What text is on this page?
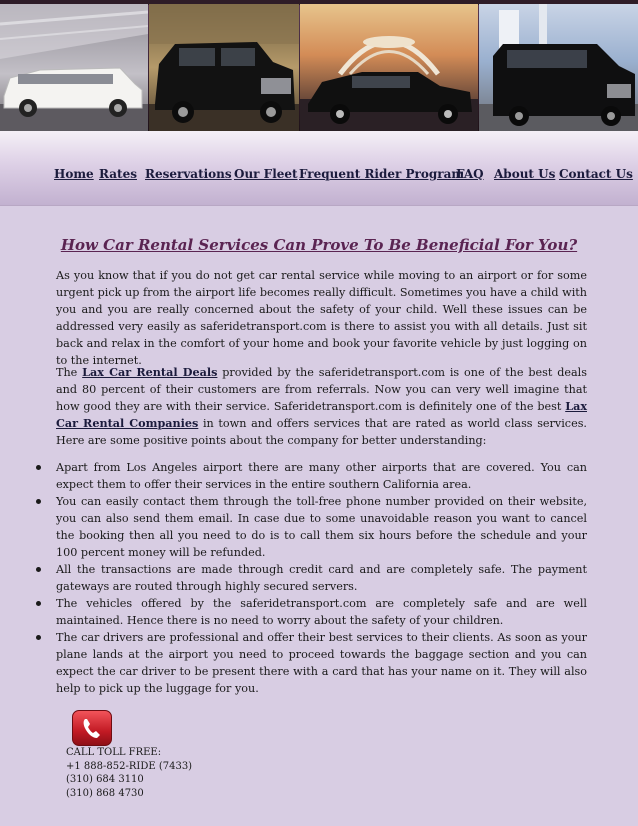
Home Rates Reservations Our Fleet Frequent Rider Program
FAQ About Us Contact Us
How Car Rental Services Can Prove To Be Beneficial For You?

As you know that if you do not get car rental service while moving to an airport or for some urgent pick up from the airport life becomes really difficult. Sometimes you have a child with you and you are really concerned about the safety of your child. Well these issues can be addressed very easily as saferidetransport.com is there to assist you with all details. Just sit back and relax in the comfort of your home and book your favorite vehicle by just logging on to the internet.

The Lax Car Rental Deals provided by the saferidetransport.com is one of the best deals and 80 percent of their customers are from referrals. Now you can very well imagine that how good they are with their service. Saferidetransport.com is definitely one of the best Lax Car Rental Companies in town and offers services that are rated as world class services. Here are some positive points about the company for better understanding:

Apart from Los Angeles airport there are many other airports that are covered. You can expect them to offer their services in the entire southern California area.
You can easily contact them through the toll-free phone number provided on their website, you can also send them email. In case due to some unavoidable reason you want to cancel the booking then all you need to do is to call them six hours before the schedule and your 100 percent money will be refunded.
All the transactions are made through credit card and are completely safe. The payment gateways are routed through highly secured servers.
The vehicles offered by the saferidetransport.com are completely safe and are well maintained. Hence there is no need to worry about the safety of your children.
The car drivers are professional and offer their best services to their clients. As soon as your plane lands at the airport you need to proceed towards the baggage section and you can expect the car driver to be present there with a card that has your name on it. They will also help to pick up the luggage for you.
CALL TOLL FREE:
+1 888-852-RIDE (7433)
(310) 684 3110
(310) 868 4730
